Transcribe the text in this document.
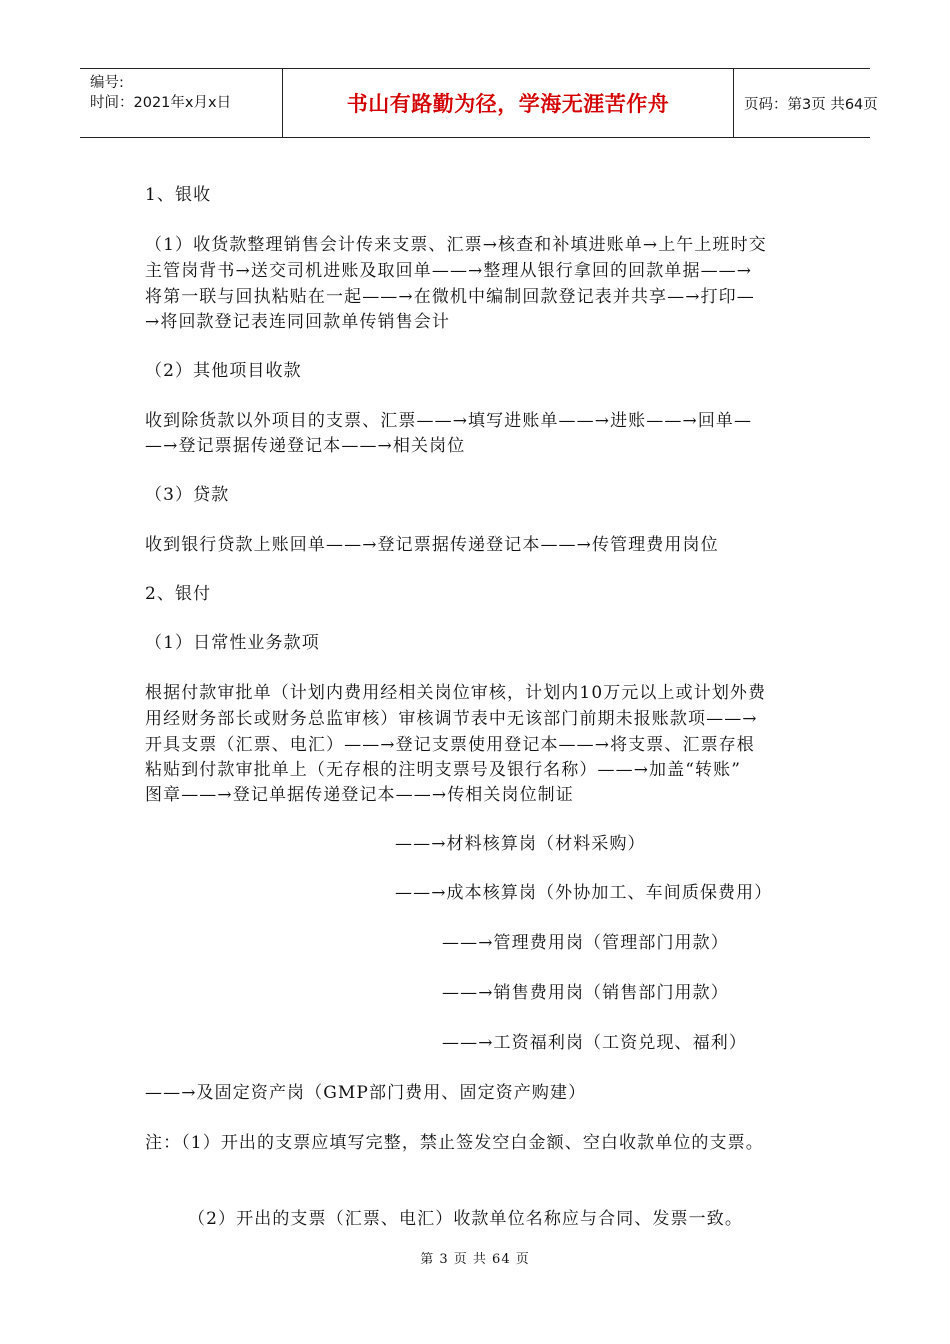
编号:
时间：2021年x月x日	书山有路勤为径，学海无涯苦作舟	页码：第3页 共64页

1、银收

（1）收货款整理销售会计传来支票、汇票→核查和补填进账单→上午上班时交

主管岗背书→送交司机进账及取回单——→整理从银行拿回的回款单据——→

将第一联与回执粘贴在一起——→在微机中编制回款登记表并共享—→打印—

→将回款登记表连同回款单传销售会计

（2）其他项目收款

收到除货款以外项目的支票、汇票——→填写进账单——→进账——→回单—

—→登记票据传递登记本——→相关岗位

（3）贷款

收到银行贷款上账回单——→登记票据传递登记本——→传管理费用岗位

2、银付

（1）日常性业务款项

根据付款审批单（计划内费用经相关岗位审核，计划内10万元以上或计划外费

用经财务部长或财务总监审核）审核调节表中无该部门前期未报账款项——→

开具支票（汇票、电汇）——→登记支票使用登记本——→将支票、汇票存根

粘贴到付款审批单上（无存根的注明支票号及银行名称）——→加盖“转账”

图章——→登记单据传递登记本——→传相关岗位制证

——→材料核算岗（材料采购）

——→成本核算岗（外协加工、车间质保费用）

——→管理费用岗（管理部门用款）

——→销售费用岗（销售部门用款）

——→工资福利岗（工资兑现、福利）

——→及固定资产岗（GMP部门费用、固定资产购建）

注：（1）开出的支票应填写完整，禁止签发空白金额、空白收款单位的支票。

（2）开出的支票（汇票、电汇）收款单位名称应与合同、发票一致。

第 3 页 共 64 页
